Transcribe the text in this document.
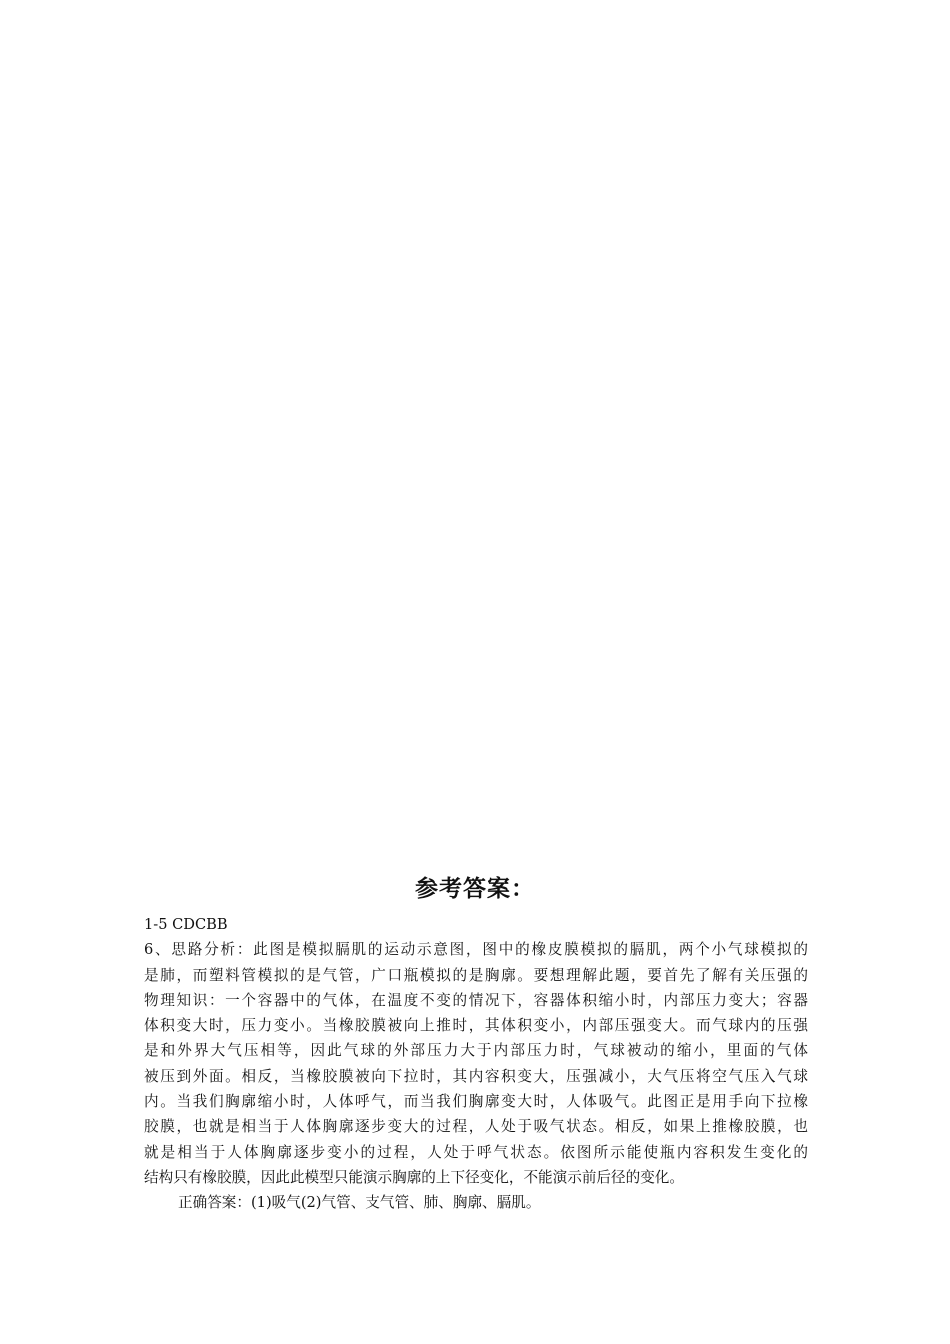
参考答案：
1-5 CDCBB
6、思路分析：此图是模拟膈肌的运动示意图，图中的橡皮膜模拟的膈肌，两个小气球模拟的
是肺，而塑料管模拟的是气管，广口瓶模拟的是胸廓。要想理解此题，要首先了解有关压强的
物理知识：一个容器中的气体，在温度不变的情况下，容器体积缩小时，内部压力变大；容器
体积变大时，压力变小。当橡胶膜被向上推时，其体积变小，内部压强变大。而气球内的压强
是和外界大气压相等，因此气球的外部压力大于内部压力时，气球被动的缩小，里面的气体
被压到外面。相反，当橡胶膜被向下拉时，其内容积变大，压强减小，大气压将空气压入气球
内。当我们胸廓缩小时，人体呼气，而当我们胸廓变大时，人体吸气。此图正是用手向下拉橡
胶膜，也就是相当于人体胸廓逐步变大的过程，人处于吸气状态。相反，如果上推橡胶膜，也
就是相当于人体胸廓逐步变小的过程，人处于呼气状态。依图所示能使瓶内容积发生变化的
结构只有橡胶膜，因此此模型只能演示胸廓的上下径变化，不能演示前后径的变化。
正确答案：(1)吸气(2)气管、支气管、肺、胸廓、膈肌。
